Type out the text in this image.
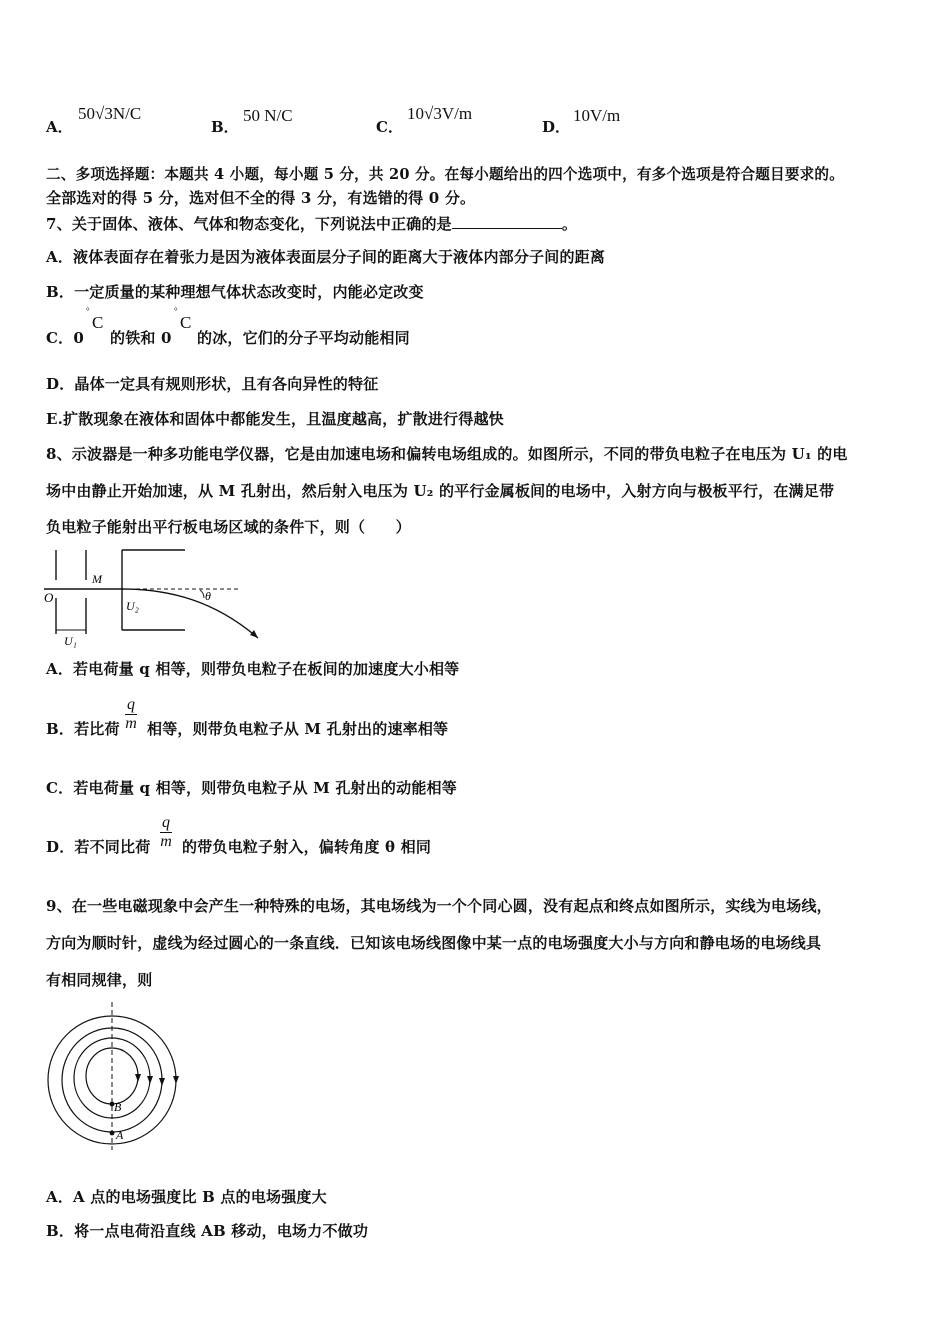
A．
50√3N/C
B．
50 N/C
C．
10√3V/m
D．
10V/m
二、多项选择题：本题共 4 小题，每小题 5 分，共 20 分。在每小题给出的四个选项中，有多个选项是符合题目要求的。
全部选对的得 5 分，选对但不全的得 3 分，有选错的得 0 分。
7、关于固体、液体、气体和物态变化，下列说法中正确的是	。
A．液体表面存在着张力是因为液体表面层分子间的距离大于液体内部分子间的距离
B．一定质量的某种理想气体状态改变时，内能必定改变
C．0
°
C
的铁和 0
°
C
的冰，它们的分子平均动能相同
D．晶体一定具有规则形状，且有各向异性的特征
E.扩散现象在液体和固体中都能发生，且温度越高，扩散进行得越快
8、示波器是一种多功能电学仪器，它是由加速电场和偏转电场组成的。如图所示，不同的带负电粒子在电压为 U₁ 的电
场中由静止开始加速，从 M 孔射出，然后射入电压为 U₂ 的平行金属板间的电场中，入射方向与极板平行，在满足带
负电粒子能射出平行板电场区域的条件下，则（　　）
O
M
U₁
U₂
θ
A．若电荷量 q 相等，则带负电粒子在板间的加速度大小相等
B．若比荷 $\frac{q}{m}$ 相等，则带负电粒子从 M 孔射出的速率相等
C．若电荷量 q 相等，则带负电粒子从 M 孔射出的动能相等
D．若不同比荷 $\frac{q}{m}$ 的带负电粒子射入，偏转角度 θ 相同
9、在一些电磁现象中会产生一种特殊的电场，其电场线为一个个同心圆，没有起点和终点如图所示，实线为电场线，
方向为顺时针，虚线为经过圆心的一条直线．已知该电场线图像中某一点的电场强度大小与方向和静电场的电场线具
有相同规律，则
B
A
A．A 点的电场强度比 B 点的电场强度大
B．将一点电荷沿直线 AB 移动，电场力不做功
